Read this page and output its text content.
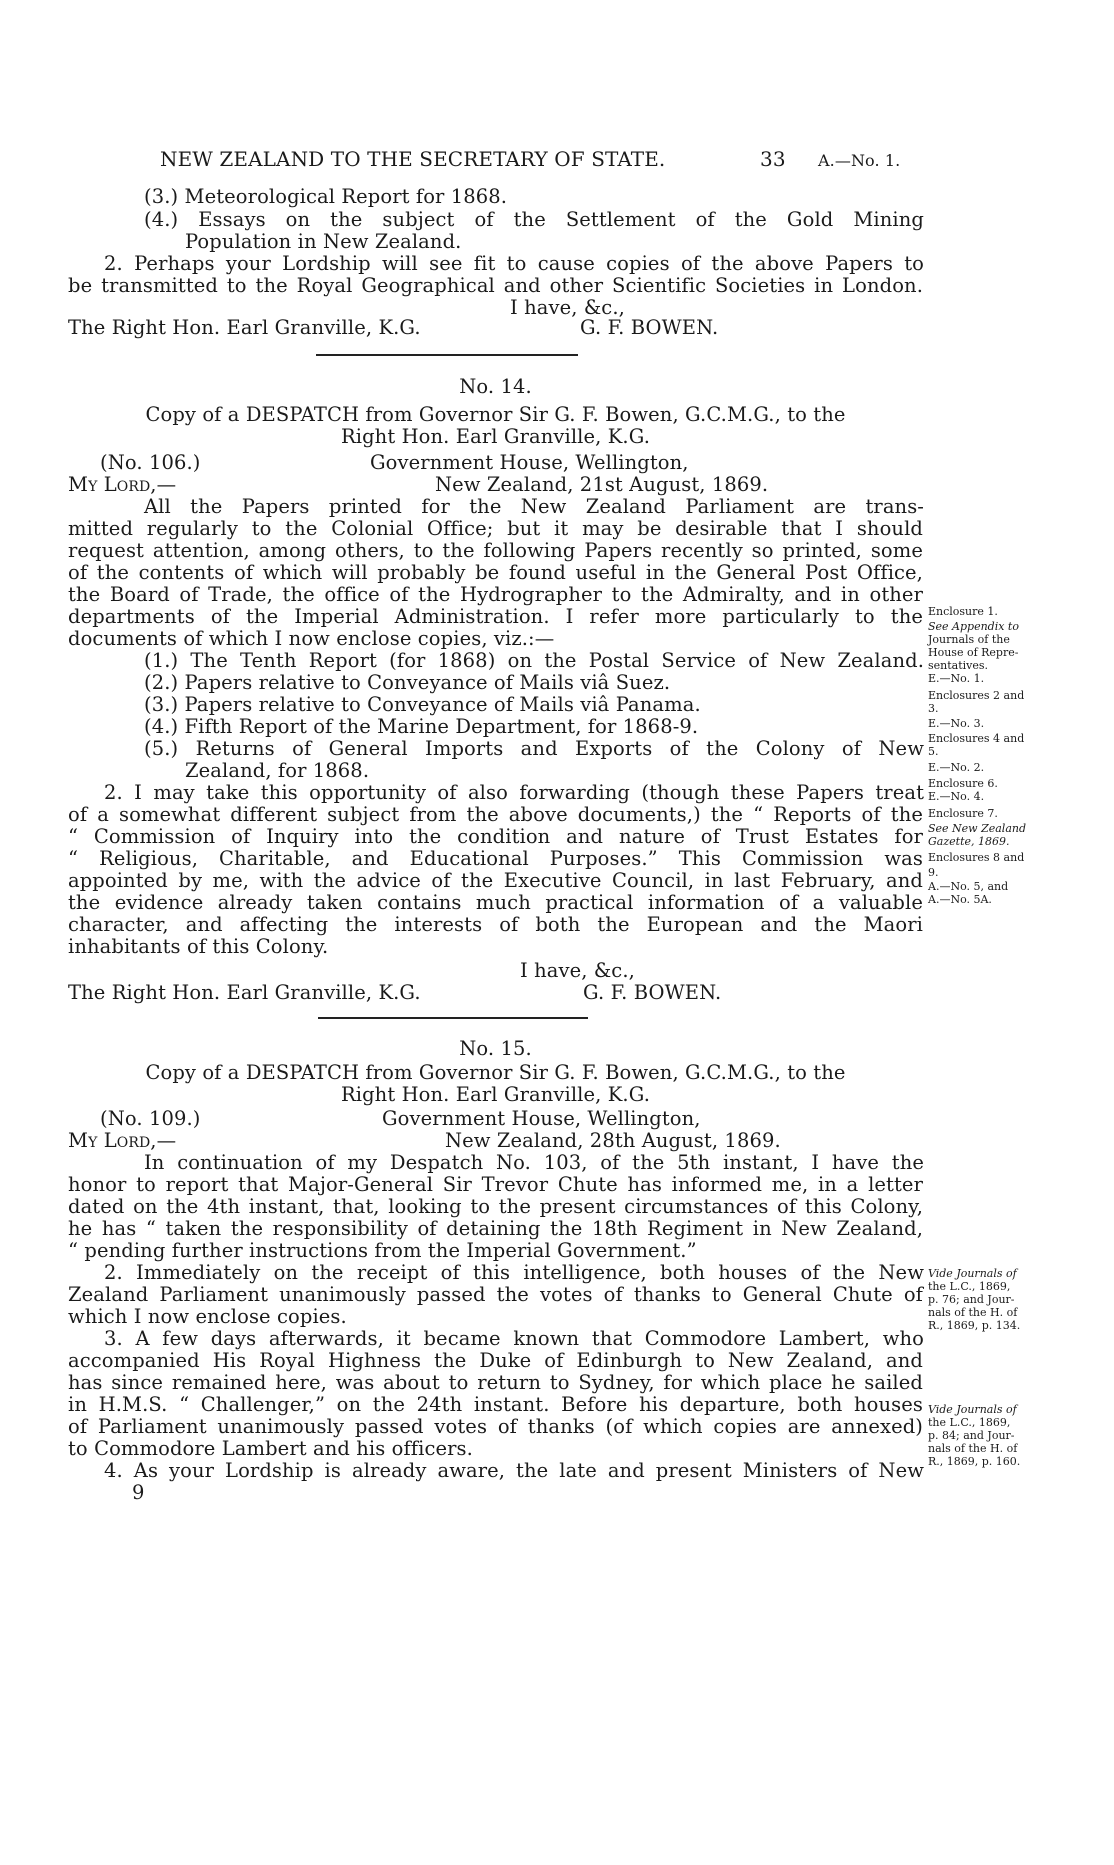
NEW ZEALAND TO THE SECRETARY OF STATE.	33	A.—No. 1.
(3.) Meteorological Report for 1868.
(4.) Essays on the subject of the Settlement of the Gold Mining
Population in New Zealand.
2. Perhaps your Lordship will see fit to cause copies of the above Papers to
be transmitted to the Royal Geographical and other Scientific Societies in London.
I have, &c.,
The Right Hon. Earl Granville, K.G.	G. F. BOWEN.
No. 14.
Copy of a DESPATCH from Governor Sir G. F. Bowen, G.C.M.G., to the
Right Hon. Earl Granville, K.G.
(No. 106.)	Government House, Wellington,
My Lord,—	New Zealand, 21st August, 1869.
All the Papers printed for the New Zealand Parliament are trans-
mitted regularly to the Colonial Office; but it may be desirable that I should
request attention, among others, to the following Papers recently so printed, some
of the contents of which will probably be found useful in the General Post Office,
the Board of Trade, the office of the Hydrographer to the Admiralty, and in other
departments of the Imperial Administration. I refer more particularly to the
documents of which I now enclose copies, viz.:—
(1.) The Tenth Report (for 1868) on the Postal Service of New Zealand.
(2.) Papers relative to Conveyance of Mails viâ Suez.
(3.) Papers relative to Conveyance of Mails viâ Panama.
(4.) Fifth Report of the Marine Department, for 1868-9.
(5.) Returns of General Imports and Exports of the Colony of New
Zealand, for 1868.
2. I may take this opportunity of also forwarding (though these Papers treat
of a somewhat different subject from the above documents,) the “ Reports of the
“ Commission of Inquiry into the condition and nature of Trust Estates for
“ Religious, Charitable, and Educational Purposes.” This Commission was
appointed by me, with the advice of the Executive Council, in last February, and
the evidence already taken contains much practical information of a valuable
character, and affecting the interests of both the European and the Maori
inhabitants of this Colony.
I have, &c.,
The Right Hon. Earl Granville, K.G.	G. F. BOWEN.
Enclosure 1.
See Appendix to
Journals of the
House of Repre-
sentatives.
E.—No. 1.
Enclosures 2 and
3.
E.—No. 3.
Enclosures 4 and
5.
E.—No. 2.
Enclosure 6.
E.—No. 4.
Enclosure 7.
See New Zealand
Gazette, 1869.
Enclosures 8 and
9.
A.—No. 5, and
A.—No. 5A.
No. 15.
Copy of a DESPATCH from Governor Sir G. F. Bowen, G.C.M.G., to the
Right Hon. Earl Granville, K.G.
(No. 109.)	Government House, Wellington,
My Lord,—	New Zealand, 28th August, 1869.
In continuation of my Despatch No. 103, of the 5th instant, I have the
honor to report that Major-General Sir Trevor Chute has informed me, in a letter
dated on the 4th instant, that, looking to the present circumstances of this Colony,
he has “ taken the responsibility of detaining the 18th Regiment in New Zealand,
“ pending further instructions from the Imperial Government.”
2. Immediately on the receipt of this intelligence, both houses of the New
Zealand Parliament unanimously passed the votes of thanks to General Chute of
which I now enclose copies.
3. A few days afterwards, it became known that Commodore Lambert, who
accompanied His Royal Highness the Duke of Edinburgh to New Zealand, and
has since remained here, was about to return to Sydney, for which place he sailed
in H.M.S. “ Challenger,” on the 24th instant. Before his departure, both houses
of Parliament unanimously passed votes of thanks (of which copies are annexed)
to Commodore Lambert and his officers.
4. As your Lordship is already aware, the late and present Ministers of New
Vide Journals of
the L.C., 1869,
p. 76; and Jour-
nals of the H. of
R., 1869, p. 134.
Vide Journals of
the L.C., 1869,
p. 84; and Jour-
nals of the H. of
R., 1869, p. 160.
9
